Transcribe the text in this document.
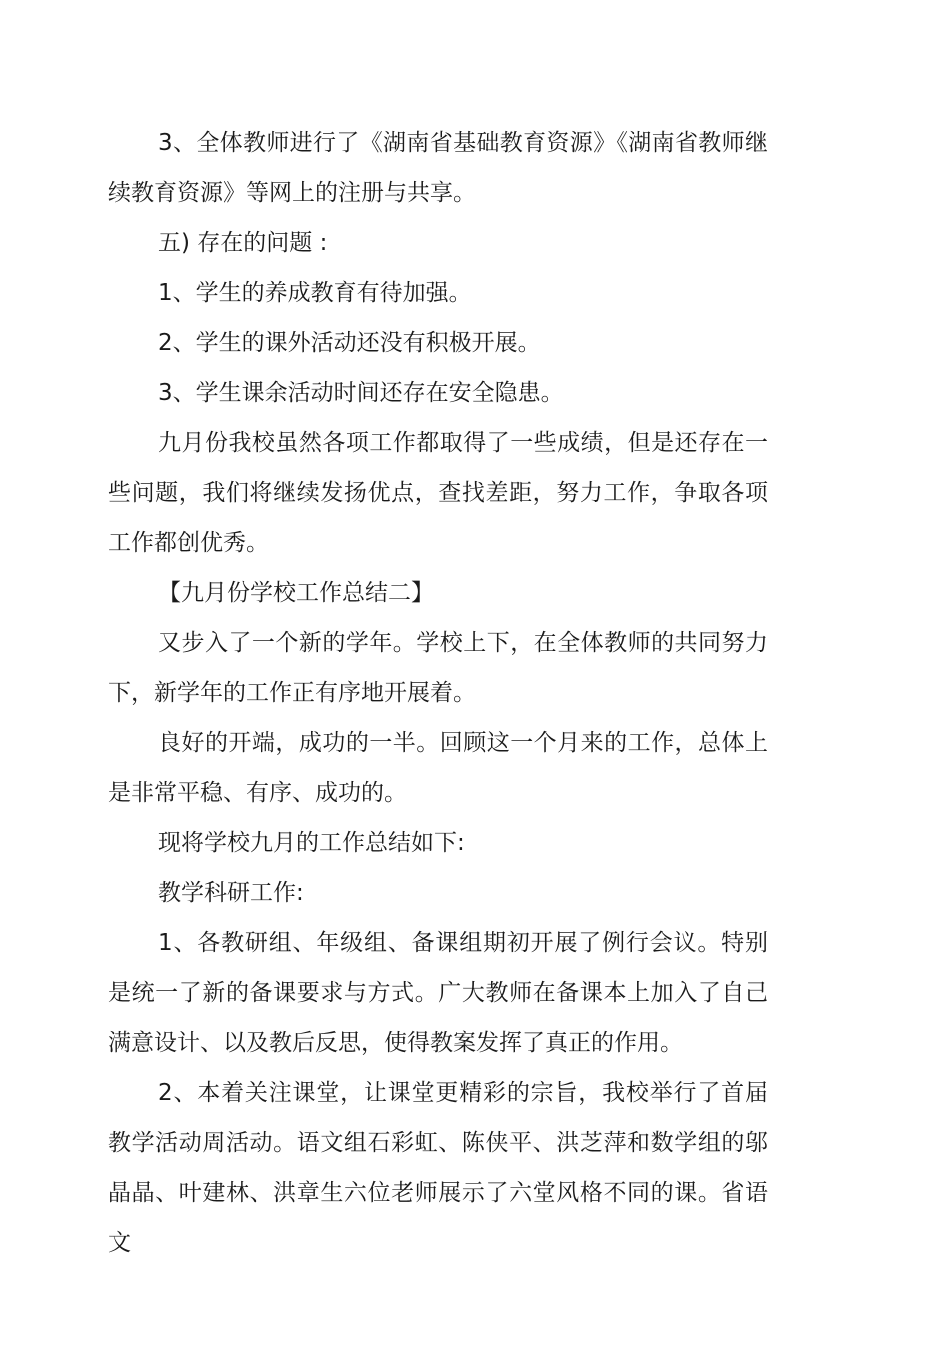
3、全体教师进行了《湖南省基础教育资源》《湖南省教师继续教育资源》等网上的注册与共享。

五) 存在的问题 :

1、学生的养成教育有待加强。

2、学生的课外活动还没有积极开展。

3、学生课余活动时间还存在安全隐患。

九月份我校虽然各项工作都取得了一些成绩，但是还存在一些问题，我们将继续发扬优点，查找差距，努力工作，争取各项工作都创优秀。

【九月份学校工作总结二】

又步入了一个新的学年。学校上下，在全体教师的共同努力下，新学年的工作正有序地开展着。

良好的开端，成功的一半。回顾这一个月来的工作，总体上是非常平稳、有序、成功的。

现将学校九月的工作总结如下:

教学科研工作:

1、各教研组、年级组、备课组期初开展了例行会议。特别是统一了新的备课要求与方式。广大教师在备课本上加入了自己满意设计、以及教后反思，使得教案发挥了真正的作用。

2、本着关注课堂，让课堂更精彩的宗旨，我校举行了首届教学活动周活动。语文组石彩虹、陈侠平、洪芝萍和数学组的邬晶晶、叶建林、洪章生六位老师展示了六堂风格不同的课。省语文
